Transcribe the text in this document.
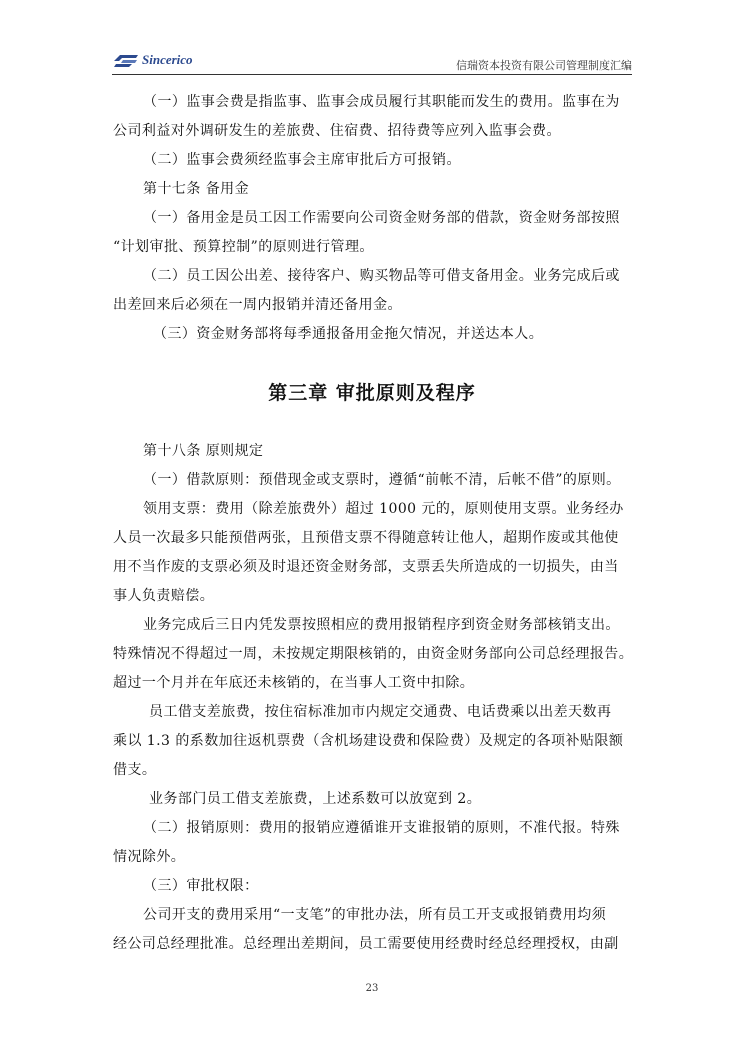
Sincerico	信瑞资本投资有限公司管理制度汇编

（一）监事会费是指监事、监事会成员履行其职能而发生的费用。监事在为

公司利益对外调研发生的差旅费、住宿费、招待费等应列入监事会费。

（二）监事会费须经监事会主席审批后方可报销。

第十七条 备用金

（一）备用金是员工因工作需要向公司资金财务部的借款，资金财务部按照

“计划审批、预算控制”的原则进行管理。

（二）员工因公出差、接待客户、购买物品等可借支备用金。业务完成后或

出差回来后必须在一周内报销并清还备用金。

（三）资金财务部将每季通报备用金拖欠情况，并送达本人。

第三章 审批原则及程序

第十八条 原则规定

（一）借款原则：预借现金或支票时，遵循“前帐不清，后帐不借”的原则。

领用支票：费用（除差旅费外）超过 1000 元的，原则使用支票。业务经办

人员一次最多只能预借两张，且预借支票不得随意转让他人，超期作废或其他使

用不当作废的支票必须及时退还资金财务部，支票丢失所造成的一切损失，由当

事人负责赔偿。

业务完成后三日内凭发票按照相应的费用报销程序到资金财务部核销支出。

特殊情况不得超过一周，未按规定期限核销的，由资金财务部向公司总经理报告。

超过一个月并在年底还未核销的，在当事人工资中扣除。

员工借支差旅费，按住宿标准加市内规定交通费、电话费乘以出差天数再

乘以 1.3 的系数加往返机票费（含机场建设费和保险费）及规定的各项补贴限额

借支。

业务部门员工借支差旅费，上述系数可以放宽到 2。

（二）报销原则：费用的报销应遵循谁开支谁报销的原则，不准代报。特殊

情况除外。

（三）审批权限：

公司开支的费用采用“一支笔”的审批办法，所有员工开支或报销费用均须

经公司总经理批准。总经理出差期间，员工需要使用经费时经总经理授权，由副

23
